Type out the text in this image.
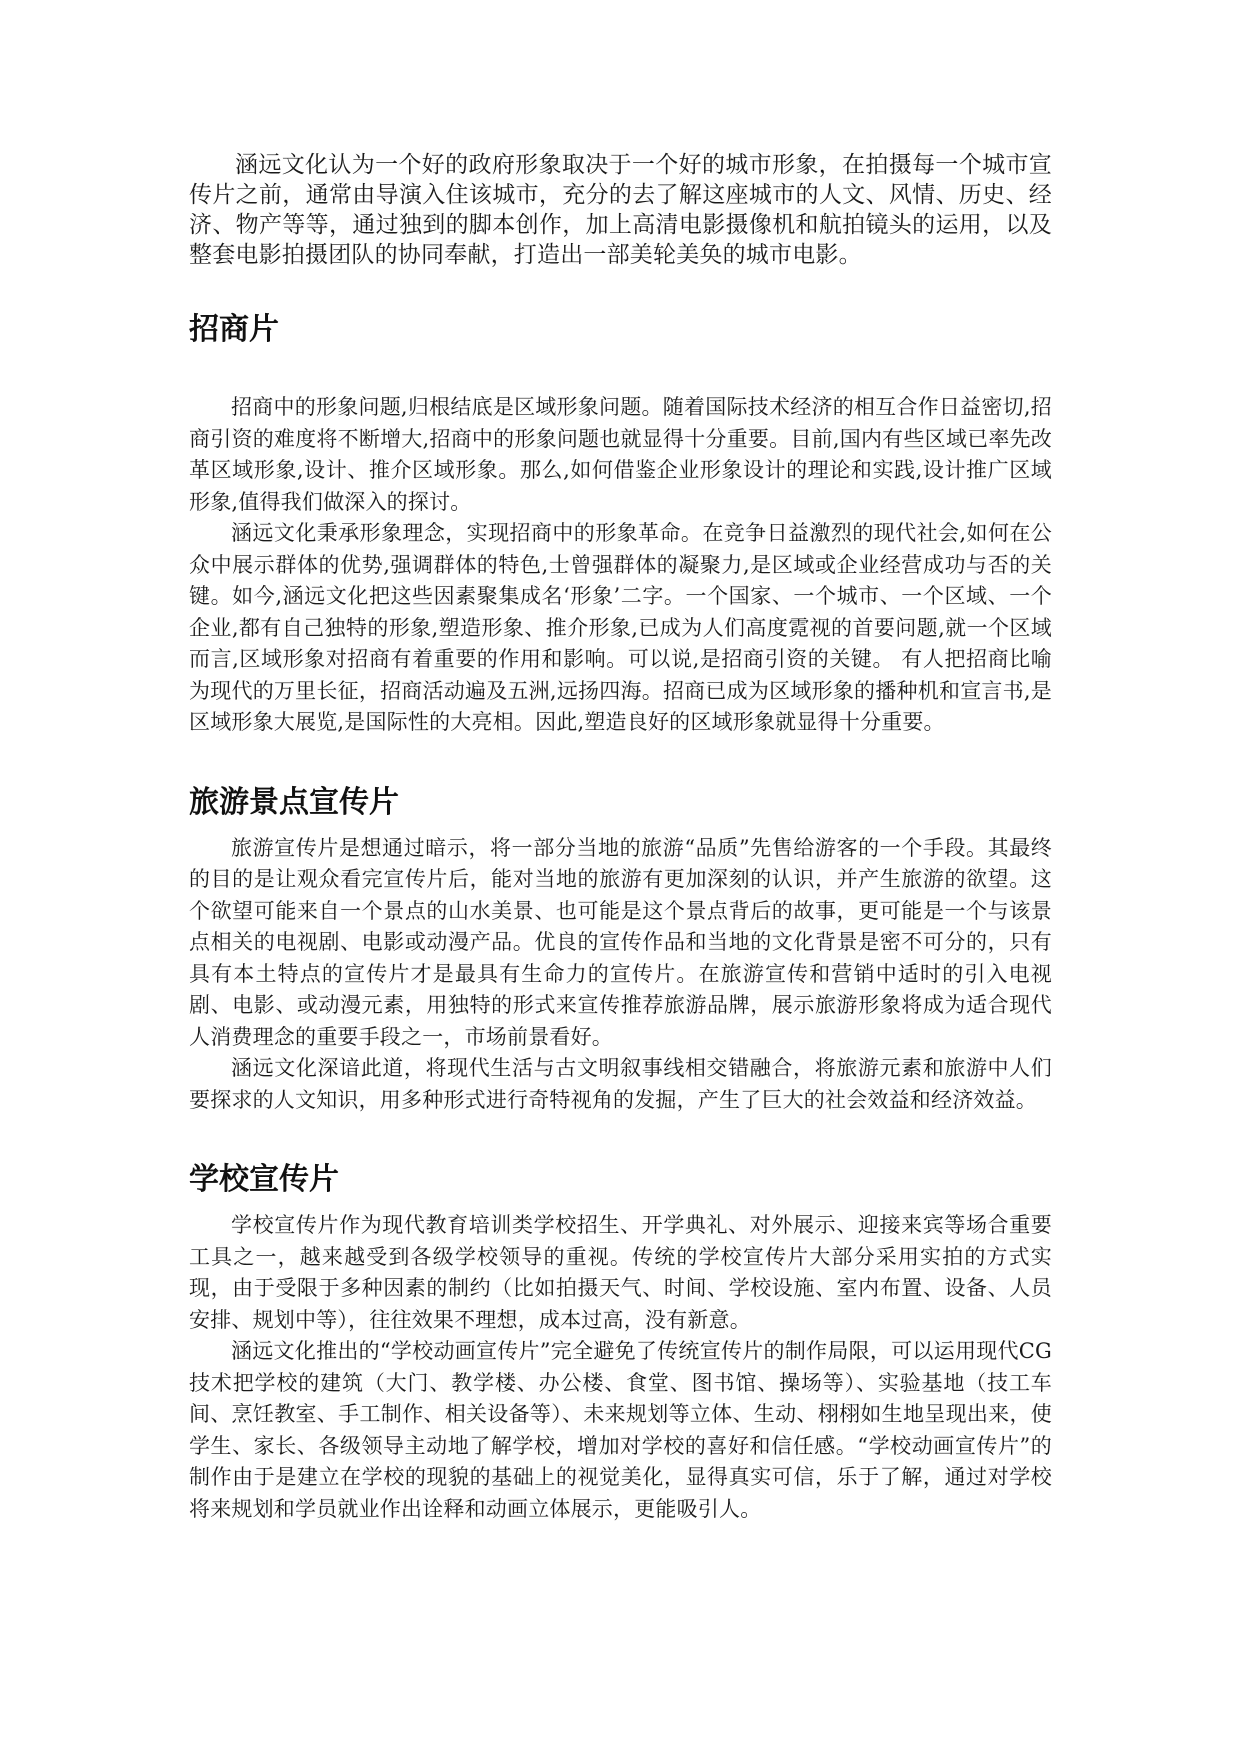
涵远文化认为一个好的政府形象取决于一个好的城市形象，在拍摄每一个城市宣传片之前，通常由导演入住该城市，充分的去了解这座城市的人文、风情、历史、经济、物产等等，通过独到的脚本创作，加上高清电影摄像机和航拍镜头的运用，以及整套电影拍摄团队的协同奉献，打造出一部美轮美奂的城市电影。

招商片

招商中的形象问题,归根结底是区域形象问题。随着国际技术经济的相互合作日益密切,招商引资的难度将不断增大,招商中的形象问题也就显得十分重要。目前,国内有些区域已率先改革区域形象,设计、推介区域形象。那么,如何借鉴企业形象设计的理论和实践,设计推广区域形象,值得我们做深入的探讨。

涵远文化秉承形象理念，实现招商中的形象革命。在竞争日益激烈的现代社会,如何在公众中展示群体的优势,强调群体的特色,士曾强群体的凝聚力,是区域或企业经营成功与否的关键。如今,涵远文化把这些因素聚集成名‘形象’二字。一个国家、一个城市、一个区域、一个企业,都有自己独特的形象,塑造形象、推介形象,已成为人们高度霓视的首要问题,就一个区域而言,区域形象对招商有着重要的作用和影响。可以说,是招商引资的关键。 有人把招商比喻为现代的万里长征，招商活动遍及五洲,远扬四海。招商已成为区域形象的播种机和宣言书,是区域形象大展览,是国际性的大亮相。因此,塑造良好的区域形象就显得十分重要。

旅游景点宣传片

旅游宣传片是想通过暗示，将一部分当地的旅游“品质”先售给游客的一个手段。其最终的目的是让观众看完宣传片后，能对当地的旅游有更加深刻的认识，并产生旅游的欲望。这个欲望可能来自一个景点的山水美景、也可能是这个景点背后的故事，更可能是一个与该景点相关的电视剧、电影或动漫产品。优良的宣传作品和当地的文化背景是密不可分的，只有具有本土特点的宣传片才是最具有生命力的宣传片。在旅游宣传和营销中适时的引入电视剧、电影、或动漫元素，用独特的形式来宣传推荐旅游品牌，展示旅游形象将成为适合现代人消费理念的重要手段之一，市场前景看好。

涵远文化深谙此道，将现代生活与古文明叙事线相交错融合，将旅游元素和旅游中人们要探求的人文知识，用多种形式进行奇特视角的发掘，产生了巨大的社会效益和经济效益。

学校宣传片

学校宣传片作为现代教育培训类学校招生、开学典礼、对外展示、迎接来宾等场合重要工具之一，越来越受到各级学校领导的重视。传统的学校宣传片大部分采用实拍的方式实现，由于受限于多种因素的制约（比如拍摄天气、时间、学校设施、室内布置、设备、人员安排、规划中等），往往效果不理想，成本过高，没有新意。

涵远文化推出的“学校动画宣传片”完全避免了传统宣传片的制作局限，可以运用现代CG 技术把学校的建筑（大门、教学楼、办公楼、食堂、图书馆、操场等）、实验基地（技工车间、烹饪教室、手工制作、相关设备等）、未来规划等立体、生动、栩栩如生地呈现出来，使学生、家长、各级领导主动地了解学校，增加对学校的喜好和信任感。“学校动画宣传片”的制作由于是建立在学校的现貌的基础上的视觉美化，显得真实可信，乐于了解，通过对学校将来规划和学员就业作出诠释和动画立体展示，更能吸引人。
